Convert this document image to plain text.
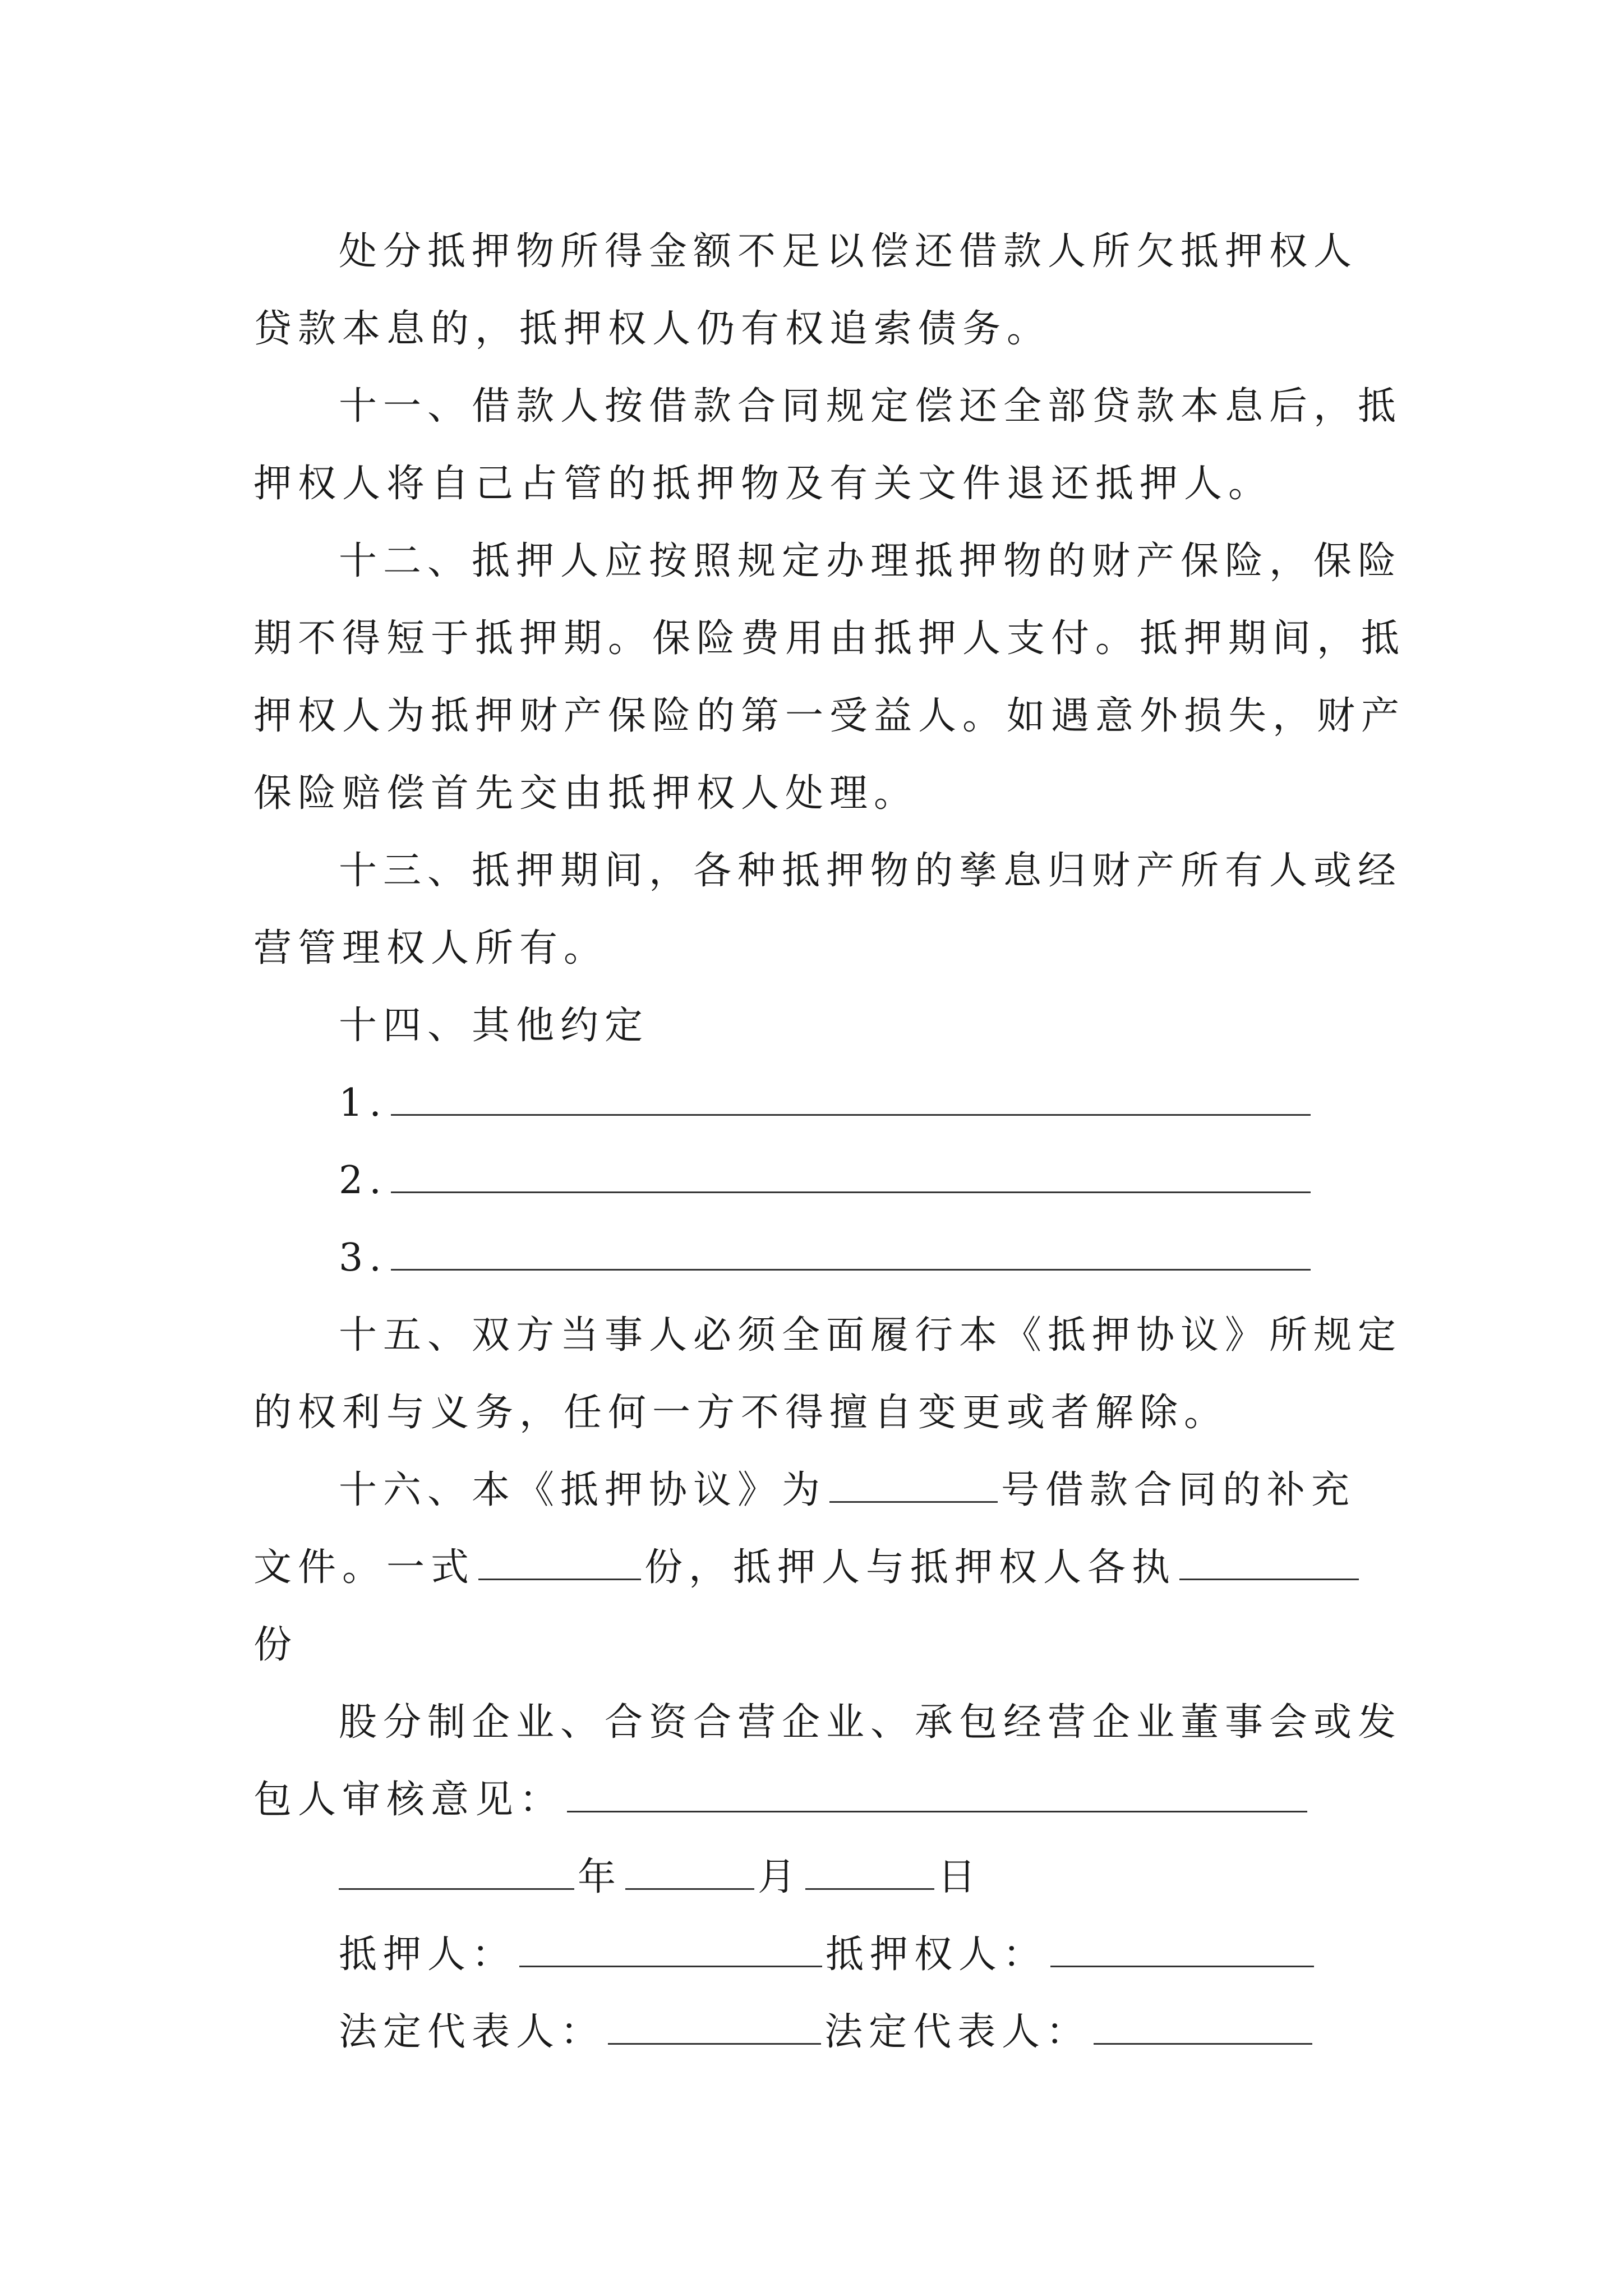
处分抵押物所得金额不足以偿还借款人所欠抵押权人
贷款本息的，抵押权人仍有权追索债务。
十一、借款人按借款合同规定偿还全部贷款本息后，抵
押权人将自己占管的抵押物及有关文件退还抵押人。
十二、抵押人应按照规定办理抵押物的财产保险，保险
期不得短于抵押期。保险费用由抵押人支付。抵押期间，抵
押权人为抵押财产保险的第一受益人。如遇意外损失，财产
保险赔偿首先交由抵押权人处理。
十三、抵押期间，各种抵押物的孳息归财产所有人或经
营管理权人所有。
十四、其他约定
1.
2.
3.
十五、双方当事人必须全面履行本《抵押协议》所规定
的权利与义务，任何一方不得擅自变更或者解除。
十六、本《抵押协议》为	号借款合同的补充
文件。一式	份，抵押人与抵押权人各执
份
股分制企业、合资合营企业、承包经营企业董事会或发
包人审核意见：
年	月	日
抵押人：	抵押权人：
法定代表人：	法定代表人：
